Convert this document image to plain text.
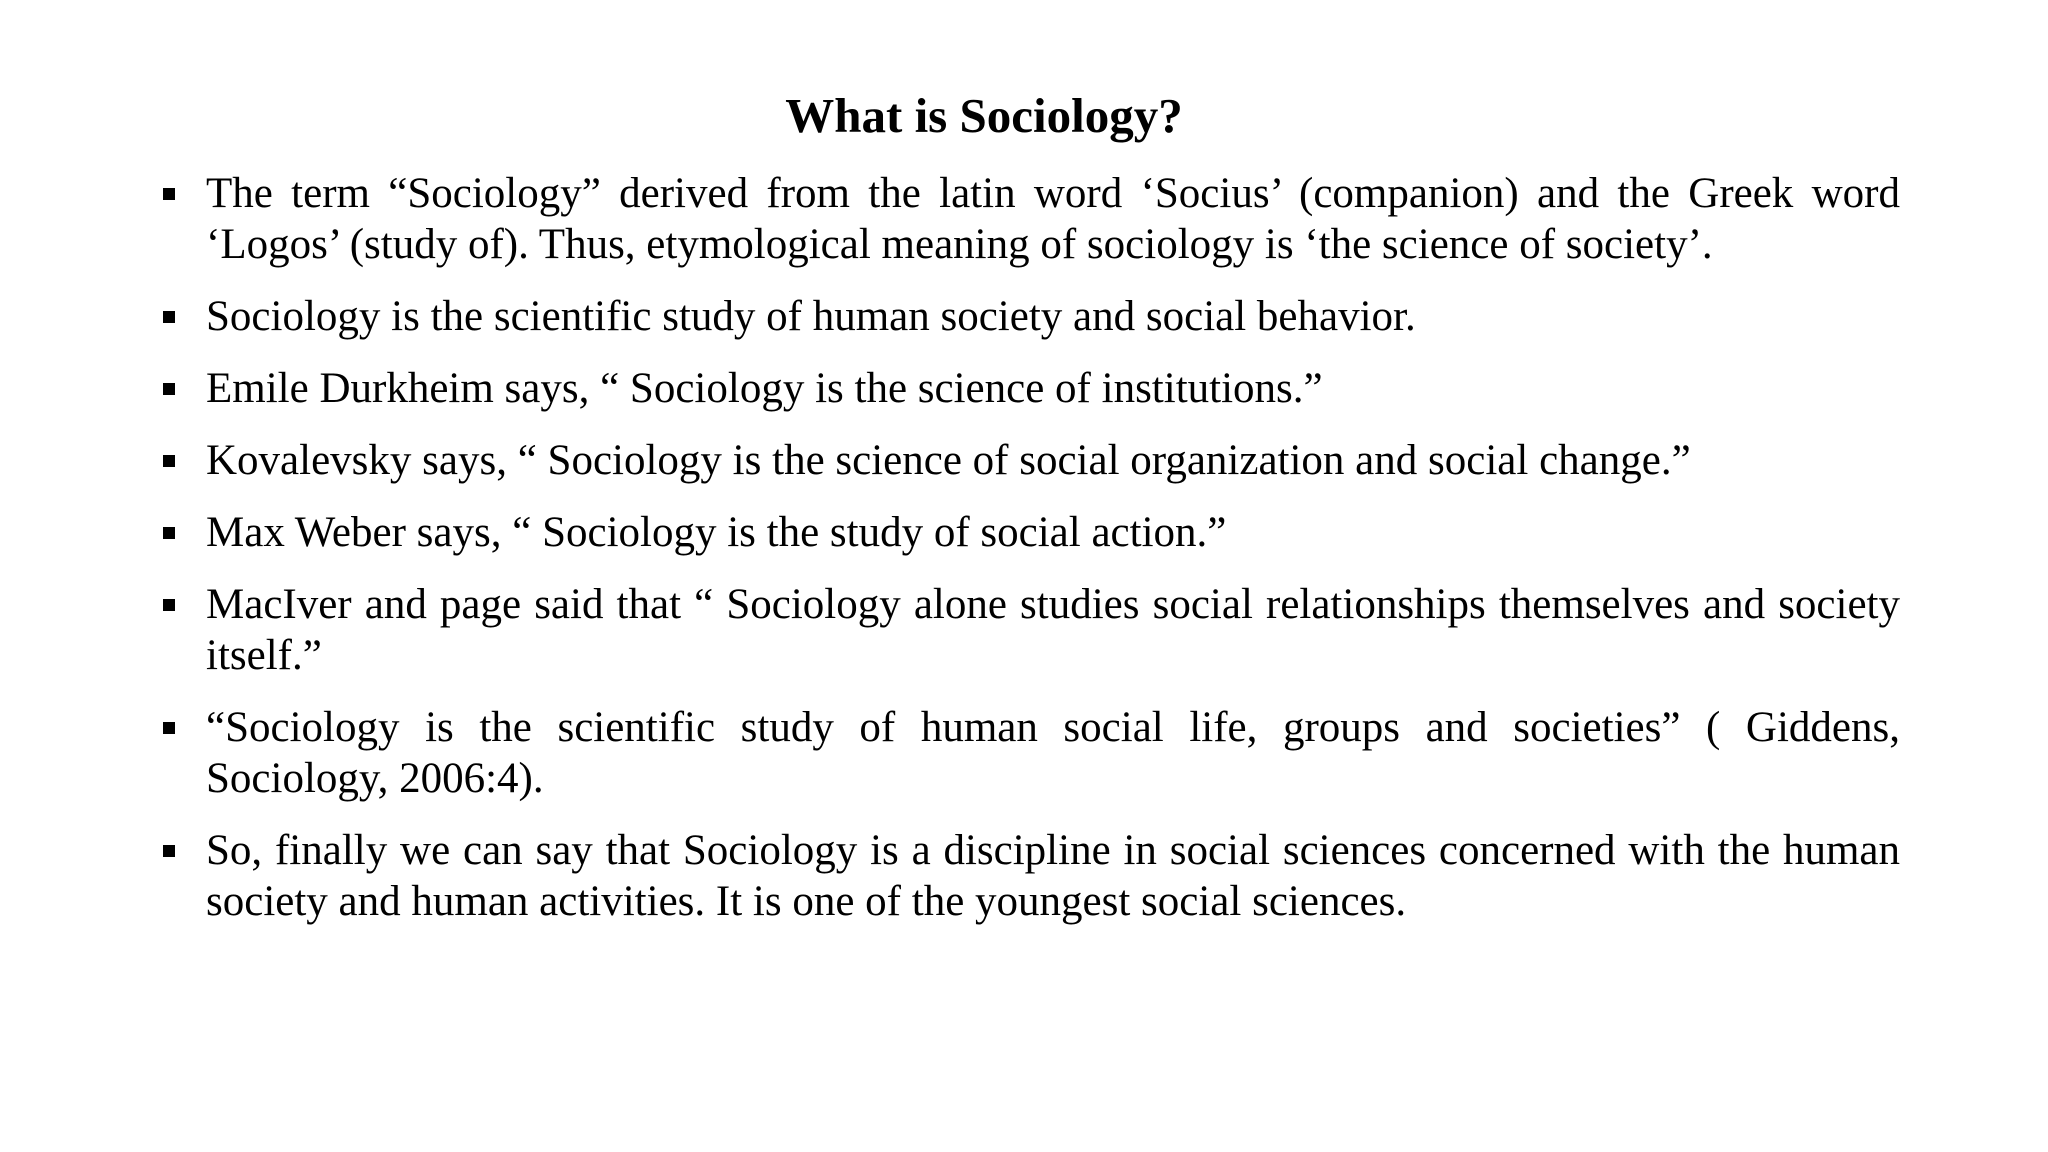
What is Sociology?
The term “Sociology” derived from the latin word ‘Socius’ (companion) and the Greek word ‘Logos’ (study of). Thus, etymological meaning of sociology is ‘the science of society’.
Sociology is the scientific study of human society and social behavior.
Emile Durkheim says, “ Sociology is the science of institutions.”
Kovalevsky says, “ Sociology is the science of social organization and social change.”
Max Weber says, “ Sociology is the study of social action.”
MacIver and page said that “ Sociology alone studies social relationships themselves and society itself.”
“Sociology is the scientific study of human social life, groups and societies” ( Giddens, Sociology, 2006:4).
So, finally we can say that Sociology is a discipline in social sciences concerned with the human society and human activities. It is one of the youngest social sciences.
